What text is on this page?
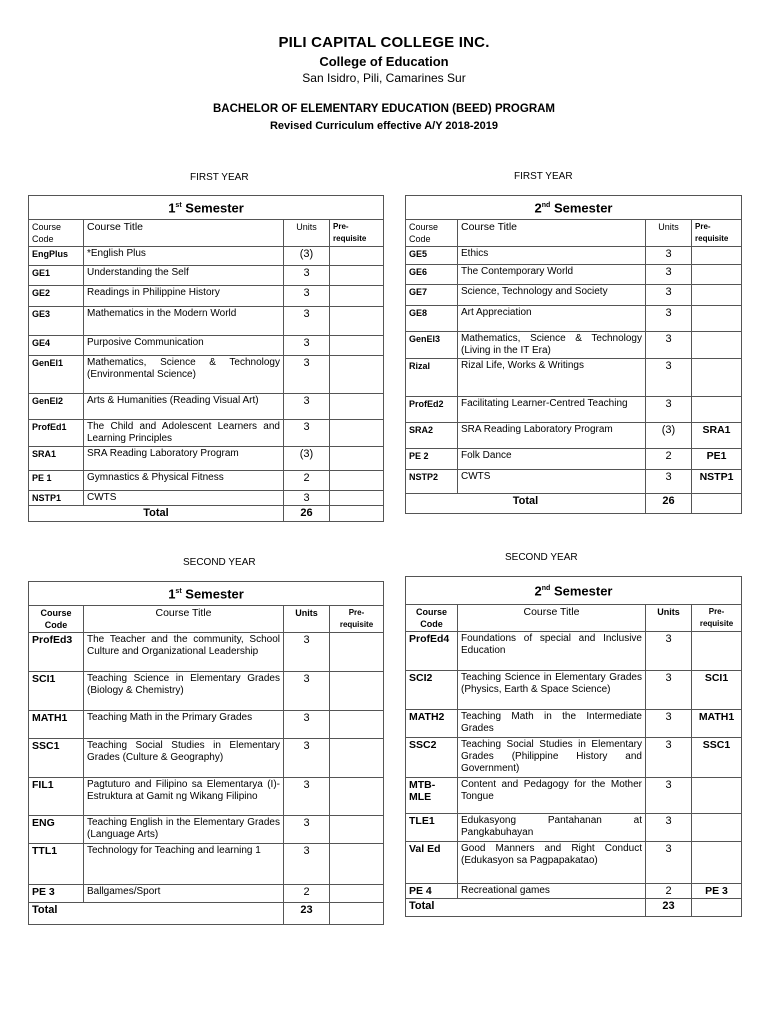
PILI CAPITAL COLLEGE INC.
College of Education
San Isidro, Pili, Camarines Sur
BACHELOR OF ELEMENTARY EDUCATION (BEED) PROGRAM
Revised Curriculum effective A/Y 2018-2019
FIRST YEAR	FIRST YEAR
SECOND YEAR	SECOND YEAR
1st Semester			
Course Code	Course Title	Units	Pre-requisite
EngPlus	*English Plus	(3)	
GE1	Understanding the Self	3	
GE2	Readings in Philippine History	3	
GE3	Mathematics in the Modern World	3	
GE4	Purposive Communication	3	
GenEl1	Mathematics, Science & Technology (Environmental Science)	3	
GenEl2	Arts & Humanities (Reading Visual Art)	3	
ProfEd1	The Child and Adolescent Learners and Learning Principles	3	
SRA1	SRA Reading Laboratory Program	(3)	
PE 1	Gymnastics & Physical Fitness	2	
NSTP1	CWTS	3	
Total		26	
2nd Semester			
Course Code	Course Title	Units	Pre-requisite
GE5	Ethics	3	
GE6	The Contemporary World	3	
GE7	Science, Technology and Society	3	
GE8	Art Appreciation	3	
GenEl3	Mathematics, Science & Technology (Living in the IT Era)	3	
Rizal	Rizal Life, Works & Writings	3	
ProfEd2	Facilitating Learner-Centred Teaching	3	
SRA2	SRA Reading Laboratory Program	(3)	SRA1
PE 2	Folk Dance	2	PE1
NSTP2	CWTS	3	NSTP1
Total		26	
1st Semester			
Course Code	Course Title	Units	Pre-requisite
ProfEd3	The Teacher and the community, School Culture and Organizational Leadership	3	
SCI1	Teaching Science in Elementary Grades (Biology & Chemistry)	3	
MATH1	Teaching Math in the Primary Grades	3	
SSC1	Teaching Social Studies in Elementary Grades (Culture & Geography)	3	
FIL1	Pagtuturo and Filipino sa Elementarya (I)-Estruktura at Gamit ng Wikang Filipino	3	
ENG	Teaching English in the Elementary Grades (Language Arts)	3	
TTL1	Technology for Teaching and learning 1	3	
PE 3	Ballgames/Sport	2	
Total		23	
2nd Semester			
Course Code	Course Title	Units	Pre-requisite
ProfEd4	Foundations of special and Inclusive Education	3	
SCI2	Teaching Science in Elementary Grades (Physics, Earth & Space Science)	3	SCI1
MATH2	Teaching Math in the Intermediate Grades	3	MATH1
SSC2	Teaching Social Studies in Elementary Grades (Philippine History and Government)	3	SSC1
MTB-MLE	Content and Pedagogy for the Mother Tongue	3	
TLE1	Edukasyong Pantahanan at Pangkabuhayan	3	
Val Ed	Good Manners and Right Conduct (Edukasyon sa Pagpapakatao)	3	
PE 4	Recreational games	2	PE 3
Total		23	
